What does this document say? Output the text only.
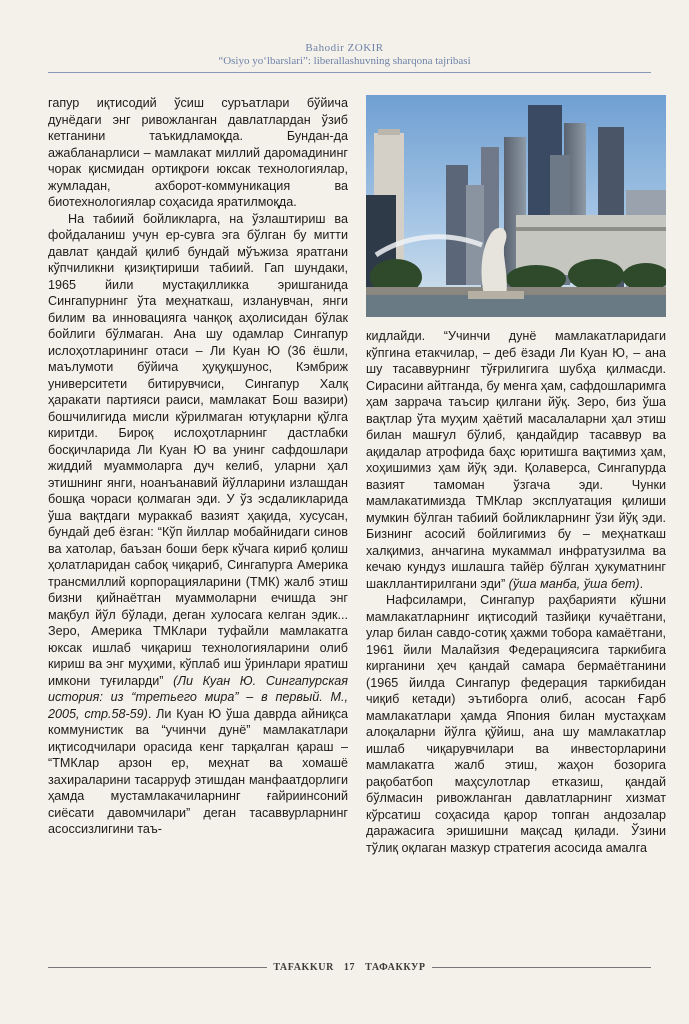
Bahodir ZOKIR
“Osiyo yo‘lbarslari”: liberallashuvning sharqona tajribasi

гапур иқтисодий ўсиш суръатлари бўйича дунёдаги энг ривожланган давлатлардан ўзиб кетганини таъкидламоқда. Бундан-да ажабланарлиси – мамлакат миллий даромадининг чорак қисмидан ортиқроғи юксак технологиялар, жумладан, ахборот-коммуникация ва биотехнологиялар соҳасида яратилмоқда.

На табиий бойликларга, на ўзлаштириш ва фойдаланиш учун ер-сувга эга бўлган бу митти давлат қандай қилиб бундай мўъжиза яратгани кўпчиликни қизиқтириши табиий. Гап шундаки, 1965 йили мустақилликка эришганида Сингапурнинг ўта меҳнаткаш, изланувчан, янги билим ва инновацияга чанқоқ аҳолисидан бўлак бойлиги бўлмаган. Ана шу одамлар Сингапур ислоҳотларининг отаси – Ли Куан Ю (36 ёшли, маълумоти бўйича ҳуқуқшунос, Кэмбриж университети битирувчиси, Сингапур Халқ ҳаракати партияси раиси, мамлакат Бош вазири) бошчилигида мисли кўрилмаган ютуқларни қўлга киритди. Бироқ ислоҳотларнинг дастлабки босқичларида Ли Куан Ю ва унинг сафдошлари жиддий муаммоларга дуч келиб, уларни ҳал этишнинг янги, ноанъанавий йўлларини излашдан бошқа чораси қолмаган эди. У ўз эсдаликларида ўша вақтдаги мураккаб вазият ҳақида, хусусан, бундай деб ёзган: “Кўп йиллар мобайнидаги синов ва хатолар, баъзан боши берк кўчага кириб қолиш ҳолатларидан сабоқ чиқариб, Сингапурга Америка трансмиллий корпорацияларини (ТМК) жалб этиш бизни қийнаётган муаммоларни ечишда энг мақбул йўл бўлади, деган хулосага келган эдик... Зеро, Америка ТМКлари туфайли мамлакатга юксак ишлаб чиқариш технологияларини олиб кириш ва энг муҳими, кўплаб иш ўринлари яратиш имкони туғиларди” (Ли Куан Ю. Сингапурская история: из “третьего мира” – в первый. М., 2005, стр.58-59). Ли Куан Ю ўша даврда айниқса коммунистик ва “учинчи дунё” мамлакатлари иқтисодчилари орасида кенг тарқалган қараш – “ТМКлар арзон ер, меҳнат ва хомашё захираларини тасарруф этишдан манфаатдорлиги ҳамда мустамлакачиларнинг ғайриинсоний сиёсати давомчилари” деган тасаввурларнинг асоссизлигини таъ-

кидлайди. “Учинчи дунё мамлакатларидаги кўпгина етакчилар, – деб ёзади Ли Куан Ю, – ана шу тасаввурнинг тўғрилигига шубҳа қилмасди. Сирасини айтганда, бу менга ҳам, сафдошларимга ҳам заррача таъсир қилгани йўқ. Зеро, биз ўша вақтлар ўта муҳим ҳаётий масалаларни ҳал этиш билан машғул бўлиб, қандайдир тасаввур ва ақидалар атрофида баҳс юритишга вақтимиз ҳам, хоҳишимиз ҳам йўқ эди. Қолаверса, Сингапурда вазият тамоман ўзгача эди. Чунки мамлакатимизда ТМКлар эксплуатация қилиши мумкин бўлган табиий бойликларнинг ўзи йўқ эди. Бизнинг асосий бойлигимиз бу – меҳнаткаш халқимиз, анчагина мукаммал инфратузилма ва кечаю кундуз ишлашга тайёр бўлган ҳукуматнинг шакллантирилгани эди” (ўша манба, ўша бет).

Нафсиламри, Сингапур раҳбарияти кўшни мамлакатларнинг иқтисодий тазйиқи кучаётгани, улар билан савдо-сотиқ ҳажми тобора камаётгани, 1961 йили Малайзия Федерациясига таркибига кирганини ҳеч қандай самара бермаётганини (1965 йилда Сингапур федерация таркибидан чиқиб кетади) эътиборга олиб, асосан Ғарб мамлакатлари ҳамда Япония билан мустаҳкам алоқаларни йўлга қўйиш, ана шу мамлакатлар ишлаб чиқарувчилари ва инвесторларини мамлакатга жалб этиш, жаҳон бозорига рақобатбоп маҳсулотлар етказиш, қандай бўлмасин ривожланган давлатларнинг хизмат кўрсатиш соҳасида қарор топган андозалар даражасига эришишни мақсад қилади. Ўзини тўлиқ оқлаган мазкур стратегия асосида амалга

TAFAKKUR 17 ТАФАККУР
